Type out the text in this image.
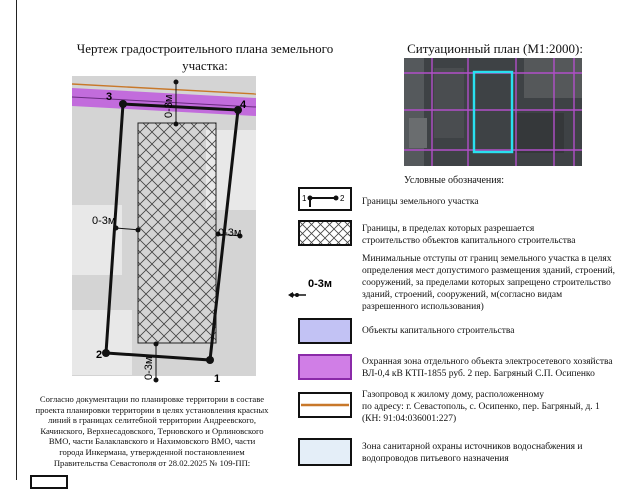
Чертеж градостроительного плана земельного
участка:
Ситуационный план (М1:2000):
3
4
1
2
0-3м
0-3м
0-3м
0-3м
Условные обозначения:
1	2 Границы земельного участка
Границы, в пределах которых разрешается
строительство объектов капитального строительства
0-3м
Минимальные отступы от границ земельного участка в целях
определения мест допустимого размещения зданий, строений,
сооружений, за пределами которых запрещено строительство
зданий, строений, сооружений, м(согласно видам
разрешенного использования)
Объекты капитального строительства
Охранная зона отдельного объекта электросетевого хозяйства
ВЛ-0,4 кВ КТП-1855 руб. 2 пер. Багряный С.П. Осипенко
Газопровод к жилому дому, расположенному
по адресу: г. Севастополь, с. Осипенко, пер. Багряный, д. 1
(КН: 91:04:036001:227)
Зона санитарной охраны источников водоснабжения и
водопроводов питьевого назначения
Согласно документации по планировке территории в составе
проекта планировки территории в целях установления красных
линий в границах селитебной территории Андреевского,
Качинского, Верхнесадовского, Терновского и Орлиновского
ВМО, части Балаклавского и Нахимовского ВМО, части
города Инкермана, утвержденной постановлением
Правительства Севастополя от 28.02.2025 № 109-ПП:
